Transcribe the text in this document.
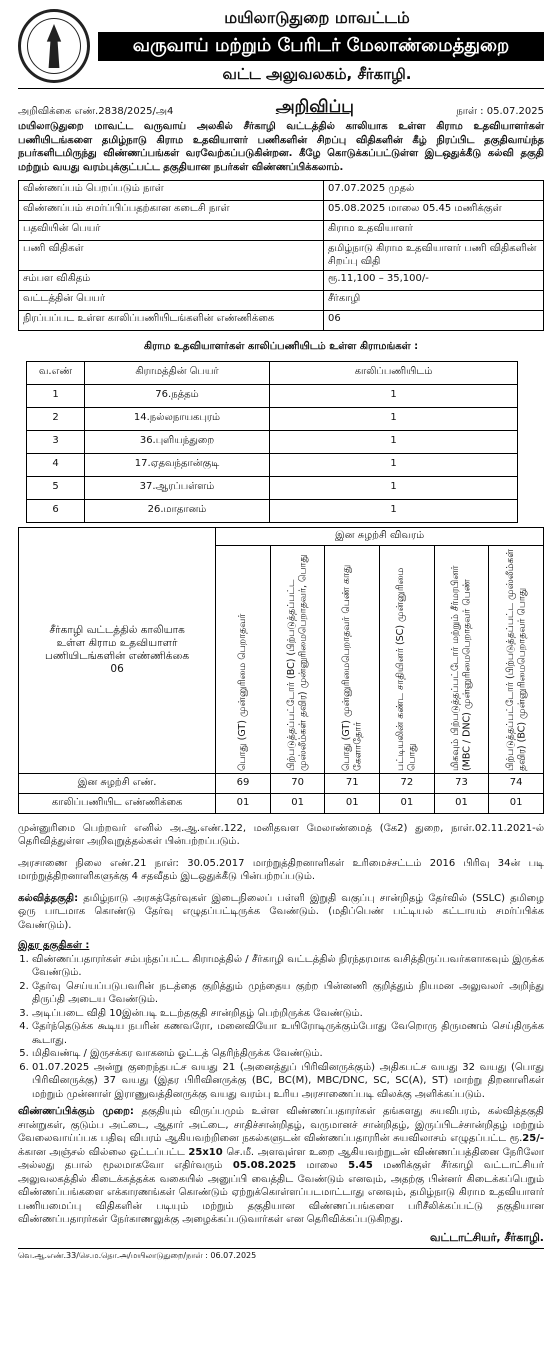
மயிலாடுதுறை மாவட்டம்
வருவாய் மற்றும் பேரிடர் மேலாண்மைத்துறை
வட்ட அலுவலகம், சீர்காழி.
அறிவிக்கை எண்.2838/2025/அ4	அறிவிப்பு	நாள் : 05.07.2025
மயிலாடுதுறை மாவட்ட வருவாய் அலகில் சீர்காழி வட்டத்தில் காலியாக உள்ள கிராம உதவியாளர்கள் பணியிடங்களை தமிழ்நாடு கிராம உதவியாளர் பணிகளின் சிறப்பு விதிகளின் கீழ் நிரப்பிட தகுதிவாய்ந்த நபர்களிடமிருந்து விண்ணப்பங்கள் வரவேற்கப்படுகின்றன. கீழே கொடுக்கப்பட்டுள்ள இடஒதுக்கீடு கல்வி தகுதி மற்றும் வயது வரம்புக்குட்பட்ட தகுதியான நபர்கள் விண்ணப்பிக்கலாம்.
விண்ணப்பம் பெறப்படும் நாள்	07.07.2025 முதல்
விண்ணப்பம் சமர்ப்பிப்பதற்கான கடைசி நாள்	05.08.2025 மாலை 05.45 மணிக்குள்
பதவியின் பெயர்	கிராம உதவியாளர்
பணி விதிகள்	தமிழ்நாடு கிராம உதவியாளர் பணி விதிகளின் சிறப்பு விதி
சம்பள விகிதம்	ரூ.11,100 – 35,100/-
வட்டத்தின் பெயர்	சீர்காழி
நிரப்பப்பட உள்ள காலிப்பணியிடங்களின் எண்ணிக்கை	06
கிராம உதவியாளர்கள் காலிப்பணியிடம் உள்ள கிராமங்கள் :
வ.எண்	கிராமத்தின் பெயர்	காலிப்பணியிடம்
1	76.நத்தம்	1
2	14.நல்லநாயகபுரம்	1
3	36.புளியந்துறை	1
4	17.ஏதவந்தான்குடி	1
5	37.ஆரப்பள்ளம்	1
6	26.மாதானம்	1
சீர்காழி வட்டத்தில் காலியாக உள்ள கிராம உதவியாளர் பணியிடங்களின் எண்ணிக்கை 06	இன சுழற்சி விவரம்					

	பொது (GT) முன்னுரிமை பெறாதவர்	பிற்படுத்தப்பட்டோர் (BC) (பிற்படுத்தப்பட்ட முஸ்லீம்கள் தவிர) முன்னுரிமைபெறாதவர், பொது	பொது (GT) முன்னுரிமைபெறாதவர் பெண் காது கேளாதோர்	பட்டியலின் கண்ட சாதியினர் (SC) முன்னுரிமை பொது	மிகவும் பிற்படுத்தப்பட்டோர் மற்றும் சீர்மரபினர் (MBC / DNC) முன்னுரிமைபெறாதவர் பெண்	பிற்படுத்தப்பட்டோர் (பிற்படுத்தப்பட்ட முஸ்லீம்கள் தவிர) (BC) முன்னுரிமைபெறாதவர் பொது

இன சுழற்சி எண்.	69	70	71	72	73	74
காலிப்பணியிட எண்ணிக்கை	01	01	01	01	01	01
முன்னுரிமை பெற்றவர் எனில் அ.ஆ.எண்.122, மனிதவள மேலாண்மைத் (கே2) துறை, நாள்.02.11.2021-ல் தெரிவித்துள்ள அறிவுறுத்தல்கள் பின்பற்றப்படும்.
அரசாணை நிலை எண்.21 நாள்: 30.05.2017 மாற்றுத்திறனாளிகள் உரிமைச்சட்டம் 2016 பிரிவு 34ன் படி மாற்றுத்திறனாளிகளுக்கு 4 சதவீதம் இடஒதுக்கீடு பின்பற்றப்படும்.
கல்வித்தகுதி: தமிழ்நாடு அரசுத்தேர்வுகள் இடைநிலைப் பள்ளி இறுதி வகுப்பு சான்றிதழ் தேர்வில் (SSLC) தமிழை ஒரு பாடமாக கொண்டு தேர்வு எழுதப்பட்டிருக்க வேண்டும். (மதிப்பெண் பட்டியல் கட்டாயம் சமர்ப்பிக்க வேண்டும்).
இதர தகுதிகள் :
1. விண்ணப்பதாரர்கள் சம்பந்தப்பட்ட கிராமத்தில் / சீர்காழி வட்டத்தில் நிரந்தரமாக வசித்திருப்பவர்களாகவும் இருக்க வேண்டும்.
2. தேர்வு செய்யப்படுபவரின் நடத்தை குறித்தும் முந்தைய குற்ற பின்னணி குறித்தும் நியமன அலுவலர் அறிந்து திருப்தி அடைய வேண்டும்.
3. அடிப்படை விதி 10இன்படி உடற்தகுதி சான்றிதழ் பெற்றிருக்க வேண்டும்.
4. தேர்ந்தெடுக்க கூடிய நபரின் கணவரோ, மனைவியோ உயிரோடிருக்கும்போது வேறொரு திருமணம் செய்திருக்க கூடாது.
5. மிதிவண்டி / இருசக்கர வாகனம் ஓட்டத் தெரிந்திருக்க வேண்டும்.
6. 01.07.2025 அன்று குறைந்தபட்ச வயது 21 (அனைத்துப் பிரிவினருக்கும்) அதிகபட்ச வயது 32 வயது (பொது பிரிவினருக்கு) 37 வயது (இதர பிரிவினருக்கு (BC, BC(M), MBC/DNC, SC, SC(A), ST) மாற்று திறனாளிகள் மற்றும் முன்னாள் இராணுவத்தினருக்கு வயது வரம்பு உரிய அரசாணைப்படி விலக்கு அளிக்கப்படும்.
விண்ணப்பிக்கும் முறை: தகுதியும் விருப்பமும் உள்ள விண்ணப்பதாரர்கள் தங்களது சுயவிபரம், கல்வித்தகுதி சான்றுகள், குடும்ப அட்டை, ஆதார் அட்டை, சாதிச்சான்றிதழ், வருமானச் சான்றிதழ், இருப்பிடச்சான்றிதழ் மற்றும் வேலைவாய்ப்பக பதிவு விபரம் ஆகியவற்றினை நகல்களுடன் விண்ணப்பதாரரின் சுயவிலாசம் எழுதப்பட்ட ரூ.25/-க்கான அஞ்சல் வில்லை ஒட்டப்பட்ட 25x10 செ.மீ. அளவுள்ள உறை ஆகியவற்றுடன் விண்ணப்பத்தினை நேரிலோ அல்லது தபால் மூலமாகவோ எதிர்வரும் 05.08.2025 மாலை 5.45 மணிக்குள் சீர்காழி வட்டாட்சியர் அலுவலகத்தில் கிடைக்கத்தக்க வகையில் அனுப்பி வைத்திட வேண்டும் எனவும், அதற்கு பின்னர் கிடைக்கப்பெறும் விண்ணப்பங்களை எக்காரணங்கள் கொண்டும் ஏற்றுக்கொள்ளப்படமாட்டாது எனவும், தமிழ்நாடு கிராம உதவியாளர் பணியமைப்பு விதிகளின் படியும் மற்றும் தகுதியான விண்ணப்பங்களை பரிசீலிக்கப்பட்டு தகுதியான விண்ணப்பதாரர்கள் நேர்காணலுக்கு அழைக்கப்படுவார்கள் என தெரிவிக்கப்படுகிறது.
வட்டாட்சியர், சீர்காழி.
வெ.ஆ.எண்.33/செ.ம.தொ.அ/மயிலாடுதுறை/நாள் : 06.07.2025
